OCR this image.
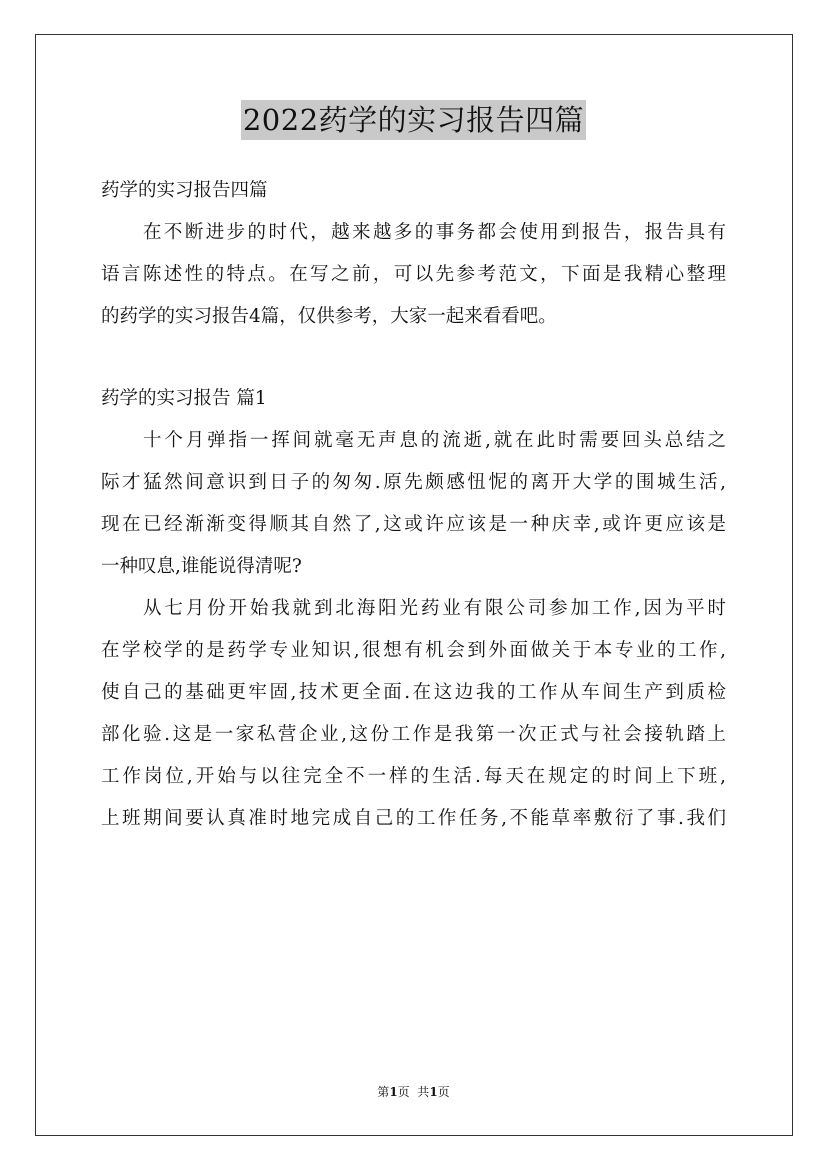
2022药学的实习报告四篇
药学的实习报告四篇
在不断进步的时代，越来越多的事务都会使用到报告，报告具有
语言陈述性的特点。在写之前，可以先参考范文，下面是我精心整理
的药学的实习报告4篇，仅供参考，大家一起来看看吧。
药学的实习报告 篇1
十个月弹指一挥间就毫无声息的流逝,就在此时需要回头总结之
际才猛然间意识到日子的匆匆.原先颇感忸怩的离开大学的围城生活,
现在已经渐渐变得顺其自然了,这或许应该是一种庆幸,或许更应该是
一种叹息,谁能说得清呢?
从七月份开始我就到北海阳光药业有限公司参加工作,因为平时
在学校学的是药学专业知识,很想有机会到外面做关于本专业的工作,
使自己的基础更牢固,技术更全面.在这边我的工作从车间生产到质检
部化验.这是一家私营企业,这份工作是我第一次正式与社会接轨踏上
工作岗位,开始与以往完全不一样的生活.每天在规定的时间上下班,
上班期间要认真准时地完成自己的工作任务,不能草率敷衍了事.我们
第1页  共1页
